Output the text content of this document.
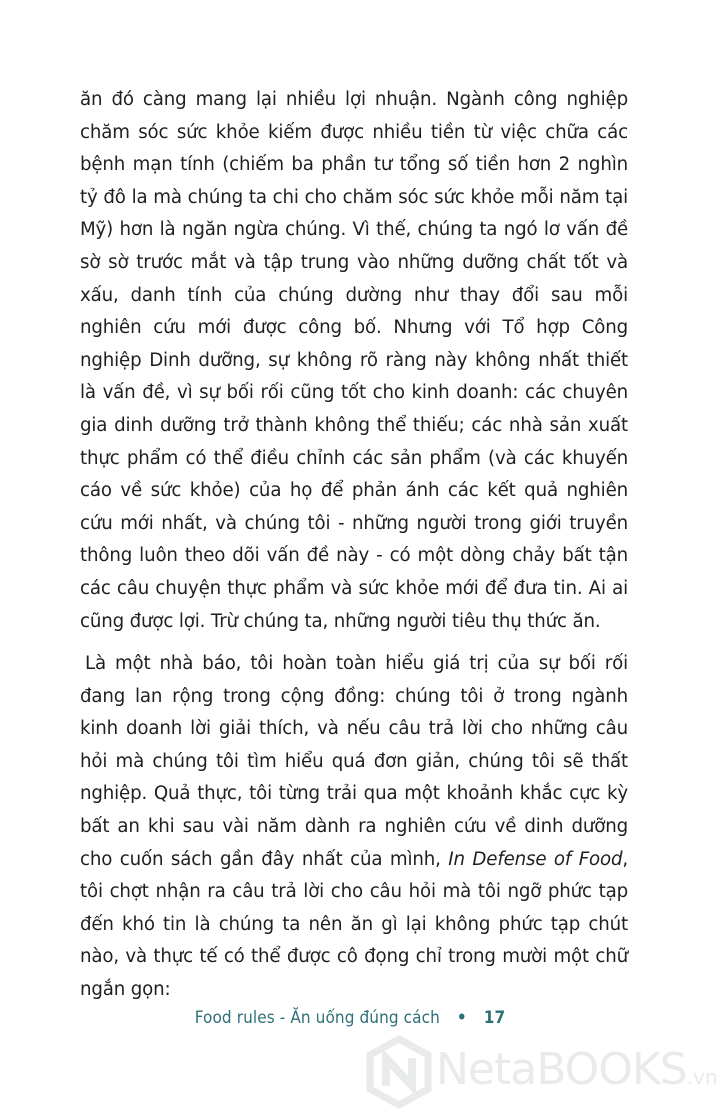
ăn đó càng mang lại nhiều lợi nhuận. Ngành công nghiệp chăm sóc sức khỏe kiếm được nhiều tiền từ việc chữa các bệnh mạn tính (chiếm ba phần tư tổng số tiền hơn 2 nghìn tỷ đô la mà chúng ta chi cho chăm sóc sức khỏe mỗi năm tại Mỹ) hơn là ngăn ngừa chúng. Vì thế, chúng ta ngó lơ vấn đề sờ sờ trước mắt và tập trung vào những dưỡng chất tốt và xấu, danh tính của chúng dường như thay đổi sau mỗi nghiên cứu mới được công bố. Nhưng với Tổ hợp Công nghiệp Dinh dưỡng, sự không rõ ràng này không nhất thiết là vấn đề, vì sự bối rối cũng tốt cho kinh doanh: các chuyên gia dinh dưỡng trở thành không thể thiếu; các nhà sản xuất thực phẩm có thể điều chỉnh các sản phẩm (và các khuyến cáo về sức khỏe) của họ để phản ánh các kết quả nghiên cứu mới nhất, và chúng tôi - những người trong giới truyền thông luôn theo dõi vấn đề này - có một dòng chảy bất tận các câu chuyện thực phẩm và sức khỏe mới để đưa tin. Ai ai cũng được lợi. Trừ chúng ta, những người tiêu thụ thức ăn.

Là một nhà báo, tôi hoàn toàn hiểu giá trị của sự bối rối đang lan rộng trong cộng đồng: chúng tôi ở trong ngành kinh doanh lời giải thích, và nếu câu trả lời cho những câu hỏi mà chúng tôi tìm hiểu quá đơn giản, chúng tôi sẽ thất nghiệp. Quả thực, tôi từng trải qua một khoảnh khắc cực kỳ bất an khi sau vài năm dành ra nghiên cứu về dinh dưỡng cho cuốn sách gần đây nhất của mình, In Defense of Food, tôi chợt nhận ra câu trả lời cho câu hỏi mà tôi ngỡ phức tạp đến khó tin là chúng ta nên ăn gì lại không phức tạp chút nào, và thực tế có thể được cô đọng chỉ trong mười một chữ ngắn gọn:

Food rules - Ăn uống đúng cách • 17
NetaBOOKS.vn
